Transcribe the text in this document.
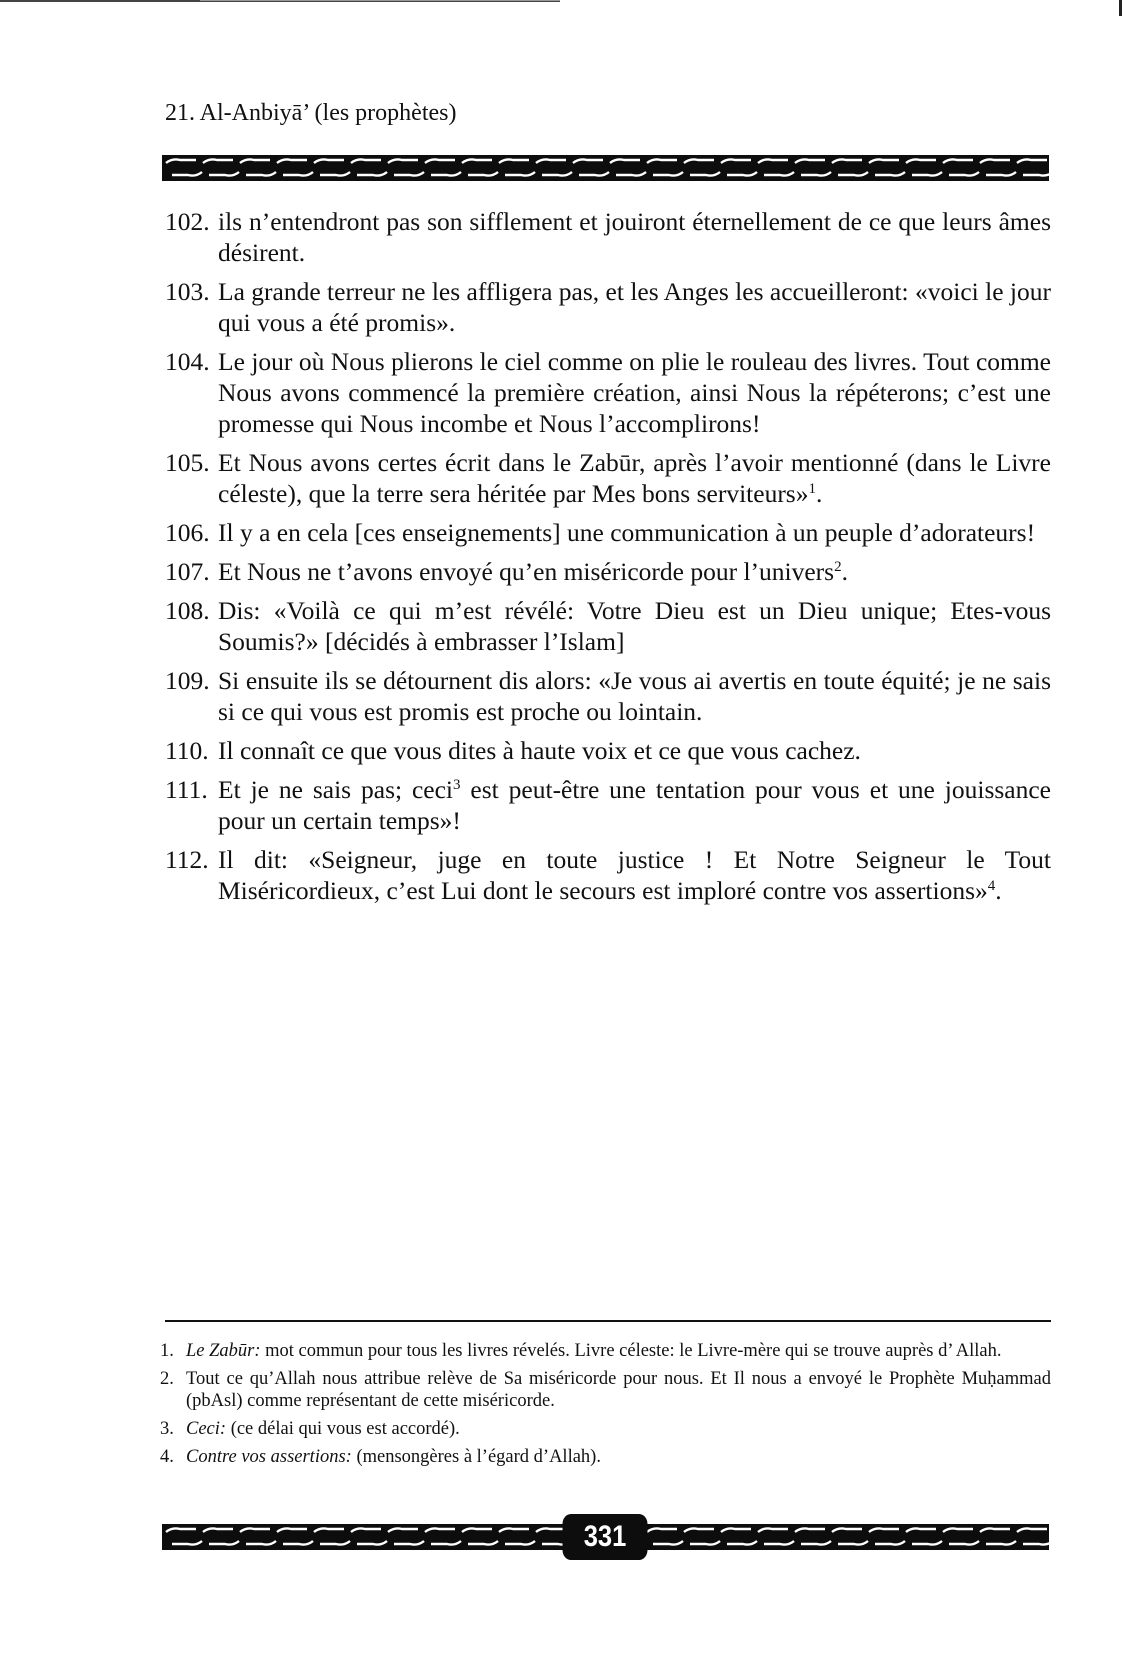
21. Al-Anbiyā’ (les prophètes)
102. ils n’entendront pas son sifflement et jouiront éternellement de ce que leurs âmes désirent.
103. La grande terreur ne les affligera pas, et les Anges les accueilleront: «voici le jour qui vous a été promis».
104. Le jour où Nous plierons le ciel comme on plie le rouleau des livres. Tout comme Nous avons commencé la première création, ainsi Nous la répéterons; c’est une promesse qui Nous incombe et Nous l’accomplirons!
105. Et Nous avons certes écrit dans le Zabūr, après l’avoir mentionné (dans le Livre céleste), que la terre sera héritée par Mes bons serviteurs»$^1$.
106. Il y a en cela [ces enseignements] une communication à un peuple d’adorateurs!
107. Et Nous ne t’avons envoyé qu’en miséricorde pour l’univers$^2$.
108. Dis: «Voilà ce qui m’est révélé: Votre Dieu est un Dieu unique; Etes-vous Soumis?» [décidés à embrasser l’Islam]
109. Si ensuite ils se détournent dis alors: «Je vous ai avertis en toute équité; je ne sais si ce qui vous est promis est proche ou lointain.
110. Il connaît ce que vous dites à haute voix et ce que vous cachez.
111. Et je ne sais pas; ceci$^3$ est peut-être une tentation pour vous et une jouissance pour un certain temps»!
112. Il dit: «Seigneur, juge en toute justice ! Et Notre Seigneur le Tout Miséricordieux, c’est Lui dont le secours est imploré contre vos assertions»$^4$.
1. Le Zabūr: mot commun pour tous les livres révelés. Livre céleste: le Livre-mère qui se trouve auprès d’ Allah.
2. Tout ce qu’Allah nous attribue relève de Sa miséricorde pour nous. Et Il nous a envoyé le Prophète Muḥammad (pbAsl) comme représentant de cette miséricorde.
3. Ceci: (ce délai qui vous est accordé).
4. Contre vos assertions: (mensongères à l’égard d’Allah).
331
